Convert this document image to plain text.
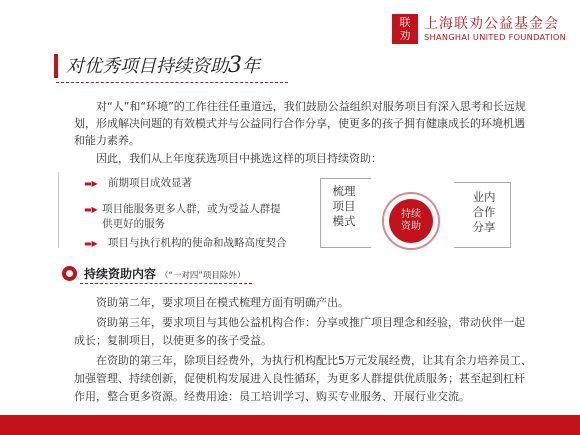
联
劝
上海联劝公益基金会
SHANGHAI UNITED FOUNDATION
对优秀项目持续资助3年

对“人”和“环境”的工作往往任重道远，我们鼓励公益组织对服务项目有深入思考和长远规划，形成解决问题的有效模式并与公益同行合作分享，使更多的孩子拥有健康成长的环境机遇和能力素养。

因此，我们从上年度获选项目中挑选这样的项目持续资助：

▬▶ 前期项目成效显著
▬▶ 项目能服务更多人群，或为受益人群提供更好的服务
▬▶ 项目与执行机构的使命和战略高度契合
梳理
项目
模式	持续
资助
业内
合作
分享
持续资助内容 （“一对四”项目除外）

资助第二年，要求项目在模式梳理方面有明确产出。

资助第三年，要求项目与其他公益机构合作：分享或推广项目理念和经验，带动伙伴一起成长；复制项目，以使更多的孩子受益。

在资助的第三年，除项目经费外，为执行机构配比5万元发展经费，让其有余力培养员工、加强管理、持续创新，促使机构发展进入良性循环，为更多人群提供优质服务；甚至起到杠杆作用，整合更多资源。经费用途：员工培训学习、购买专业服务、开展行业交流。
